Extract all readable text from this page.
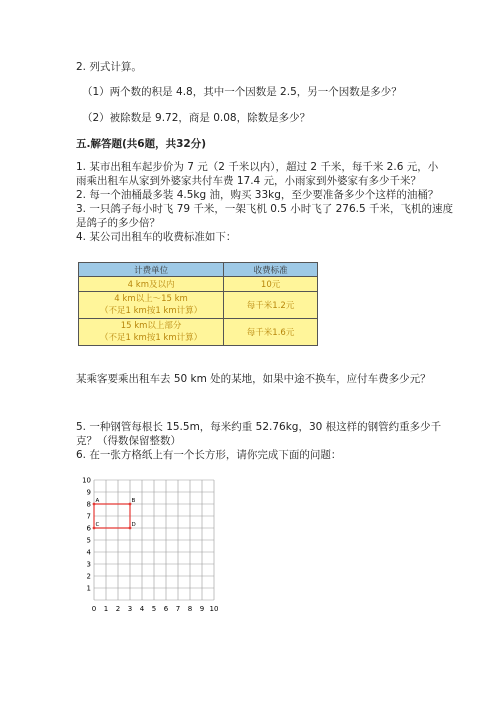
2. 列式计算。
（1）两个数的积是 4.8，其中一个因数是 2.5，另一个因数是多少？
（2）被除数是 9.72，商是 0.08，除数是多少？
五.解答题(共6题，共32分)
1. 某市出租车起步价为 7 元（2 千米以内），超过 2 千米，每千米 2.6 元，小
雨乘出租车从家到外婆家共付车费 17.4 元，小雨家到外婆家有多少千米？
2. 每一个油桶最多装 4.5kg 油，购买 33kg，至少要准备多少个这样的油桶？
3. 一只鸽子每小时飞 79 千米，一架飞机 0.5 小时飞了 276.5 千米，飞机的速度
是鸽子的多少倍？
4. 某公司出租车的收费标准如下：
计费单位	收费标准
4 km及以内	10元

4 km以上～15 km
（不足1 km按1 km计算）	每千米1.2元

15 km以上部分
（不足1 km按1 km计算）	每千米1.6元
某乘客要乘出租车去 50 km 处的某地，如果中途不换车，应付车费多少元？
5. 一种钢管每根长 15.5m，每米约重 52.76kg，30 根这样的钢管约重多少千
克？（得数保留整数）
6. 在一张方格纸上有一个长方形，请你完成下面的问题：
0 1 2 3 4 5 6 7 8 9 10
1
2
3
4
5
6
7
8
9
10
A	B
C	D
